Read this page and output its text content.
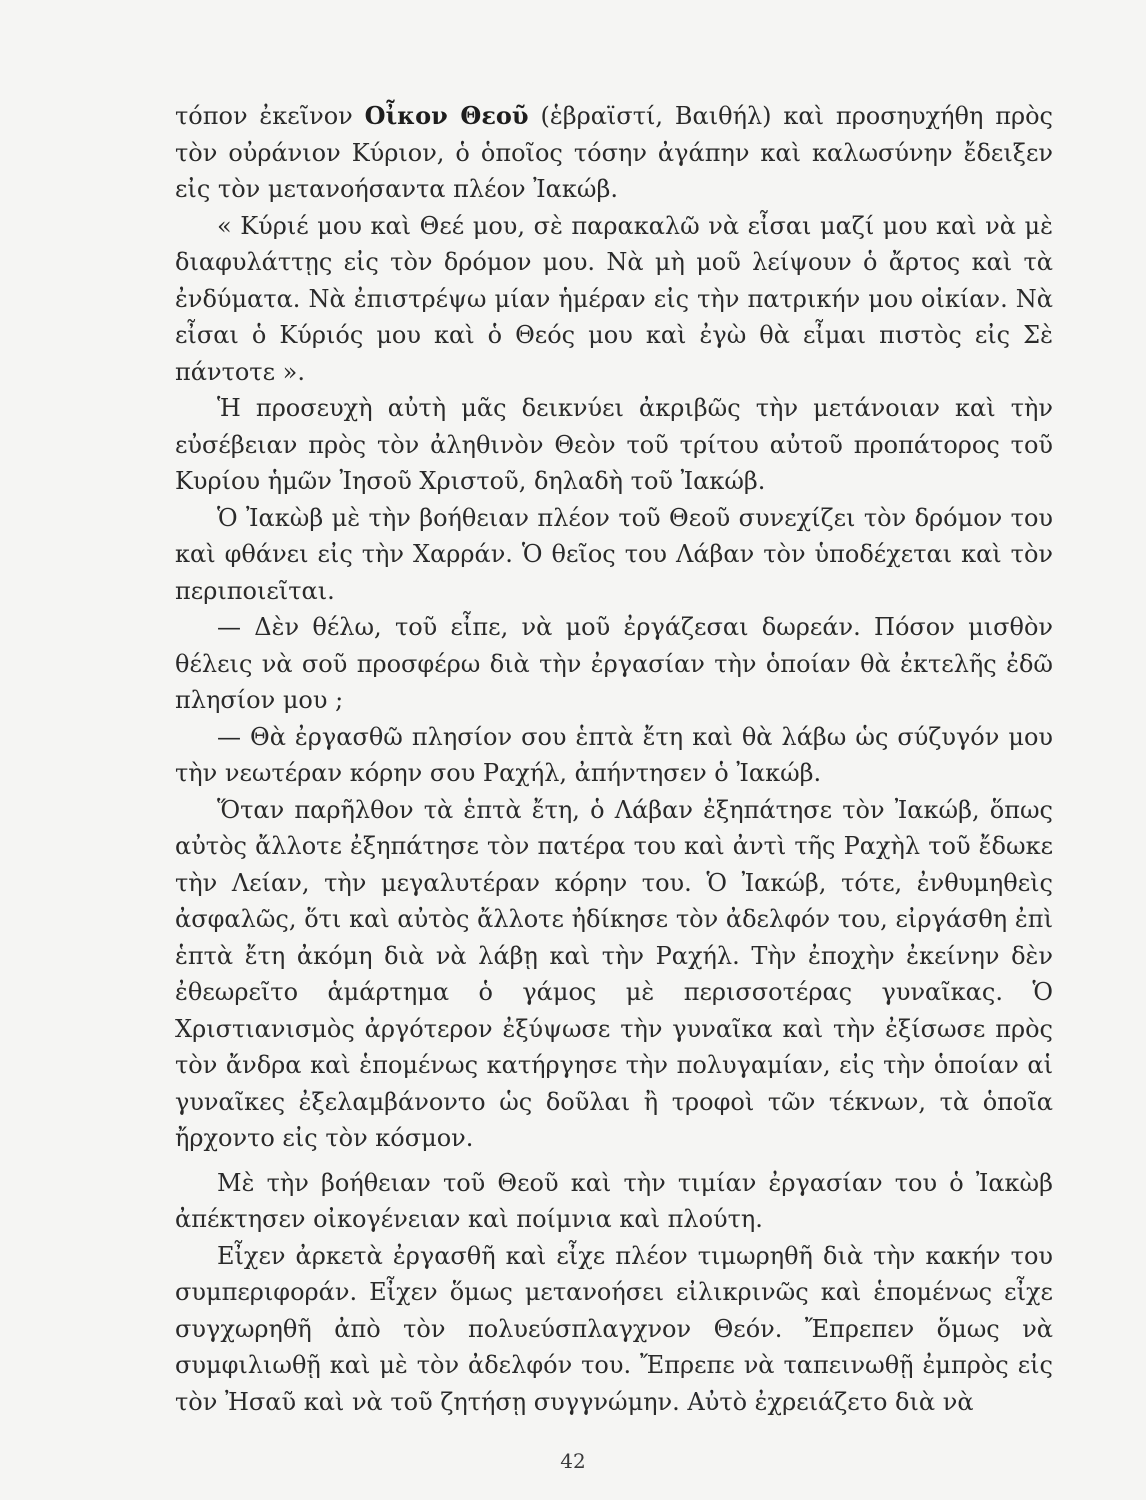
τόπον ἐκεῖνον Οἶκον Θεοῦ (ἑβραϊστί, Βαιθήλ) καὶ προσηυχήθη πρὸς τὸν οὐράνιον Κύριον, ὁ ὁποῖος τόσην ἀγάπην καὶ καλωσύνην ἔδειξεν εἰς τὸν μετανοήσαντα πλέον Ἰακώβ.

« Κύριέ μου καὶ Θεέ μου, σὲ παρακαλῶ νὰ εἶσαι μαζί μου καὶ νὰ μὲ διαφυλάττῃς εἰς τὸν δρόμον μου. Νὰ μὴ μοῦ λείψουν ὁ ἄρτος καὶ τὰ ἐνδύματα. Νὰ ἐπιστρέψω μίαν ἡμέραν εἰς τὴν πατρικήν μου οἰκίαν. Νὰ εἶσαι ὁ Κύριός μου καὶ ὁ Θεός μου καὶ ἐγὼ θὰ εἶμαι πιστὸς εἰς Σὲ πάντοτε ».

Ἡ προσευχὴ αὐτὴ μᾶς δεικνύει ἀκριβῶς τὴν μετάνοιαν καὶ τὴν εὐσέβειαν πρὸς τὸν ἀληθινὸν Θεὸν τοῦ τρίτου αὐτοῦ προπάτορος τοῦ Κυρίου ἡμῶν Ἰησοῦ Χριστοῦ, δηλαδὴ τοῦ Ἰακώβ.

Ὁ Ἰακὼβ μὲ τὴν βοήθειαν πλέον τοῦ Θεοῦ συνεχίζει τὸν δρόμον του καὶ φθάνει εἰς τὴν Χαρράν. Ὁ θεῖος του Λάβαν τὸν ὑποδέχεται καὶ τὸν περιποιεῖται.

— Δὲν θέλω, τοῦ εἶπε, νὰ μοῦ ἐργάζεσαι δωρεάν. Πόσον μισθὸν θέλεις νὰ σοῦ προσφέρω διὰ τὴν ἐργασίαν τὴν ὁποίαν θὰ ἐκτελῆς ἐδῶ πλησίον μου ;

— Θὰ ἐργασθῶ πλησίον σου ἑπτὰ ἔτη καὶ θὰ λάβω ὡς σύζυγόν μου τὴν νεωτέραν κόρην σου Ραχήλ, ἀπήντησεν ὁ Ἰακώβ.

Ὅταν παρῆλθον τὰ ἑπτὰ ἔτη, ὁ Λάβαν ἐξηπάτησε τὸν Ἰακώβ, ὅπως αὐτὸς ἄλλοτε ἐξηπάτησε τὸν πατέρα του καὶ ἀντὶ τῆς Ραχὴλ τοῦ ἔδωκε τὴν Λείαν, τὴν μεγαλυτέραν κόρην του. Ὁ Ἰακώβ, τότε, ἐνθυμηθεὶς ἀσφαλῶς, ὅτι καὶ αὐτὸς ἄλλοτε ἠδίκησε τὸν ἀδελφόν του, εἰργάσθη ἐπὶ ἑπτὰ ἔτη ἀκόμη διὰ νὰ λάβῃ καὶ τὴν Ραχήλ. Τὴν ἐποχὴν ἐκείνην δὲν ἐθεωρεῖτο ἁμάρτημα ὁ γάμος μὲ περισσοτέρας γυναῖκας. Ὁ Χριστιανισμὸς ἀργότερον ἐξύψωσε τὴν γυναῖκα καὶ τὴν ἐξίσωσε πρὸς τὸν ἄνδρα καὶ ἑπομένως κατήργησε τὴν πολυγαμίαν, εἰς τὴν ὁποίαν αἱ γυναῖκες ἐξελαμβάνοντο ὡς δοῦλαι ἢ τροφοὶ τῶν τέκνων, τὰ ὁποῖα ἤρχοντο εἰς τὸν κόσμον.

Μὲ τὴν βοήθειαν τοῦ Θεοῦ καὶ τὴν τιμίαν ἐργασίαν του ὁ Ἰακὼβ ἀπέκτησεν οἰκογένειαν καὶ ποίμνια καὶ πλούτη.

Εἶχεν ἀρκετὰ ἐργασθῆ καὶ εἶχε πλέον τιμωρηθῆ διὰ τὴν κακήν του συμπεριφοράν. Εἶχεν ὅμως μετανοήσει εἰλικρινῶς καὶ ἑπομένως εἶχε συγχωρηθῆ ἀπὸ τὸν πολυεύσπλαγχνον Θεόν. Ἔπρεπεν ὅμως νὰ συμφιλιωθῇ καὶ μὲ τὸν ἀδελφόν του. Ἔπρεπε νὰ ταπεινωθῇ ἐμπρὸς εἰς τὸν Ἠσαῦ καὶ νὰ τοῦ ζητήσῃ συγγνώμην. Αὐτὸ ἐχρειάζετο διὰ νὰ

42
